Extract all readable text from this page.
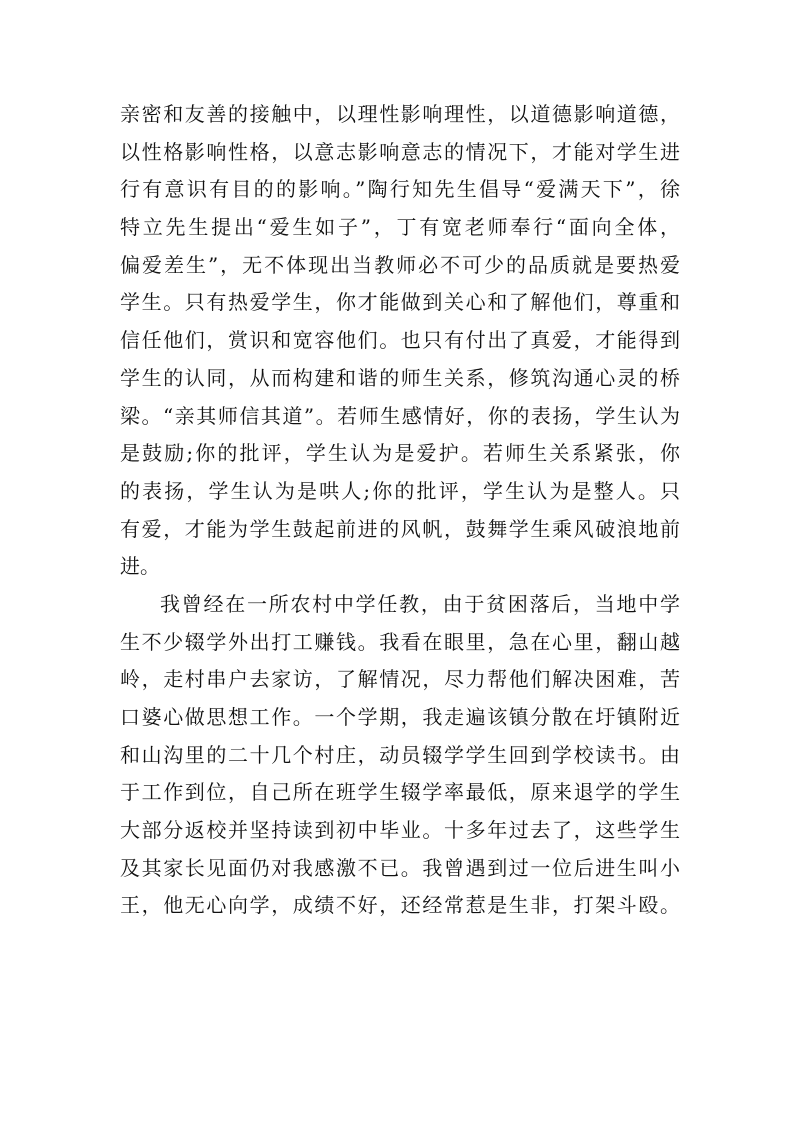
亲密和友善的接触中，以理性影响理性，以道德影响道德，

以性格影响性格，以意志影响意志的情况下，才能对学生进

行有意识有目的的影响。”陶行知先生倡导“爱满天下”，徐

特立先生提出“爱生如子”，丁有宽老师奉行“面向全体，

偏爱差生”，无不体现出当教师必不可少的品质就是要热爱

学生。只有热爱学生，你才能做到关心和了解他们，尊重和

信任他们，赏识和宽容他们。也只有付出了真爱，才能得到

学生的认同，从而构建和谐的师生关系，修筑沟通心灵的桥

梁。“亲其师信其道”。若师生感情好，你的表扬，学生认为

是鼓励;你的批评，学生认为是爱护。若师生关系紧张，你

的表扬，学生认为是哄人;你的批评，学生认为是整人。只

有爱，才能为学生鼓起前进的风帆，鼓舞学生乘风破浪地前

进。

我曾经在一所农村中学任教，由于贫困落后，当地中学

生不少辍学外出打工赚钱。我看在眼里，急在心里，翻山越

岭，走村串户去家访，了解情况，尽力帮他们解决困难，苦

口婆心做思想工作。一个学期，我走遍该镇分散在圩镇附近

和山沟里的二十几个村庄，动员辍学学生回到学校读书。由

于工作到位，自己所在班学生辍学率最低，原来退学的学生

大部分返校并坚持读到初中毕业。十多年过去了，这些学生

及其家长见面仍对我感激不已。我曾遇到过一位后进生叫小

王，他无心向学，成绩不好，还经常惹是生非，打架斗殴。
